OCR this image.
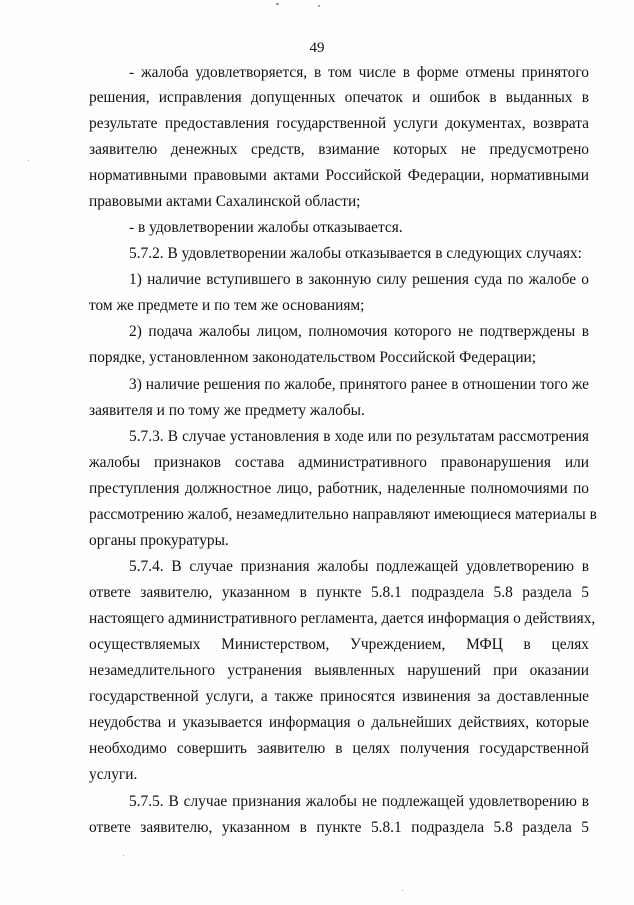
49
- жалоба удовлетворяется, в том числе в форме отмены принятого
решения, исправления допущенных опечаток и ошибок в выданных в
результате предоставления государственной услуги документах, возврата
заявителю денежных средств, взимание которых не предусмотрено
нормативными правовыми актами Российской Федерации, нормативными
правовыми актами Сахалинской области;
- в удовлетворении жалобы отказывается.
5.7.2. В удовлетворении жалобы отказывается в следующих случаях:
1) наличие вступившего в законную силу решения суда по жалобе о
том же предмете и по тем же основаниям;
2) подача жалобы лицом, полномочия которого не подтверждены в
порядке, установленном законодательством Российской Федерации;
3) наличие решения по жалобе, принятого ранее в отношении того же
заявителя и по тому же предмету жалобы.
5.7.3. В случае установления в ходе или по результатам рассмотрения
жалобы признаков состава административного правонарушения или
преступления должностное лицо, работник, наделенные полномочиями по
рассмотрению жалоб, незамедлительно направляют имеющиеся материалы в
органы прокуратуры.
5.7.4. В случае признания жалобы подлежащей удовлетворению в
ответе заявителю, указанном в пункте 5.8.1 подраздела 5.8 раздела 5
настоящего административного регламента, дается информация о действиях,
осуществляемых Министерством, Учреждением, МФЦ в целях
незамедлительного устранения выявленных нарушений при оказании
государственной услуги, а также приносятся извинения за доставленные
неудобства и указывается информация о дальнейших действиях, которые
необходимо совершить заявителю в целях получения государственной
услуги.
5.7.5. В случае признания жалобы не подлежащей удовлетворению в
ответе заявителю, указанном в пункте 5.8.1 подраздела 5.8 раздела 5
